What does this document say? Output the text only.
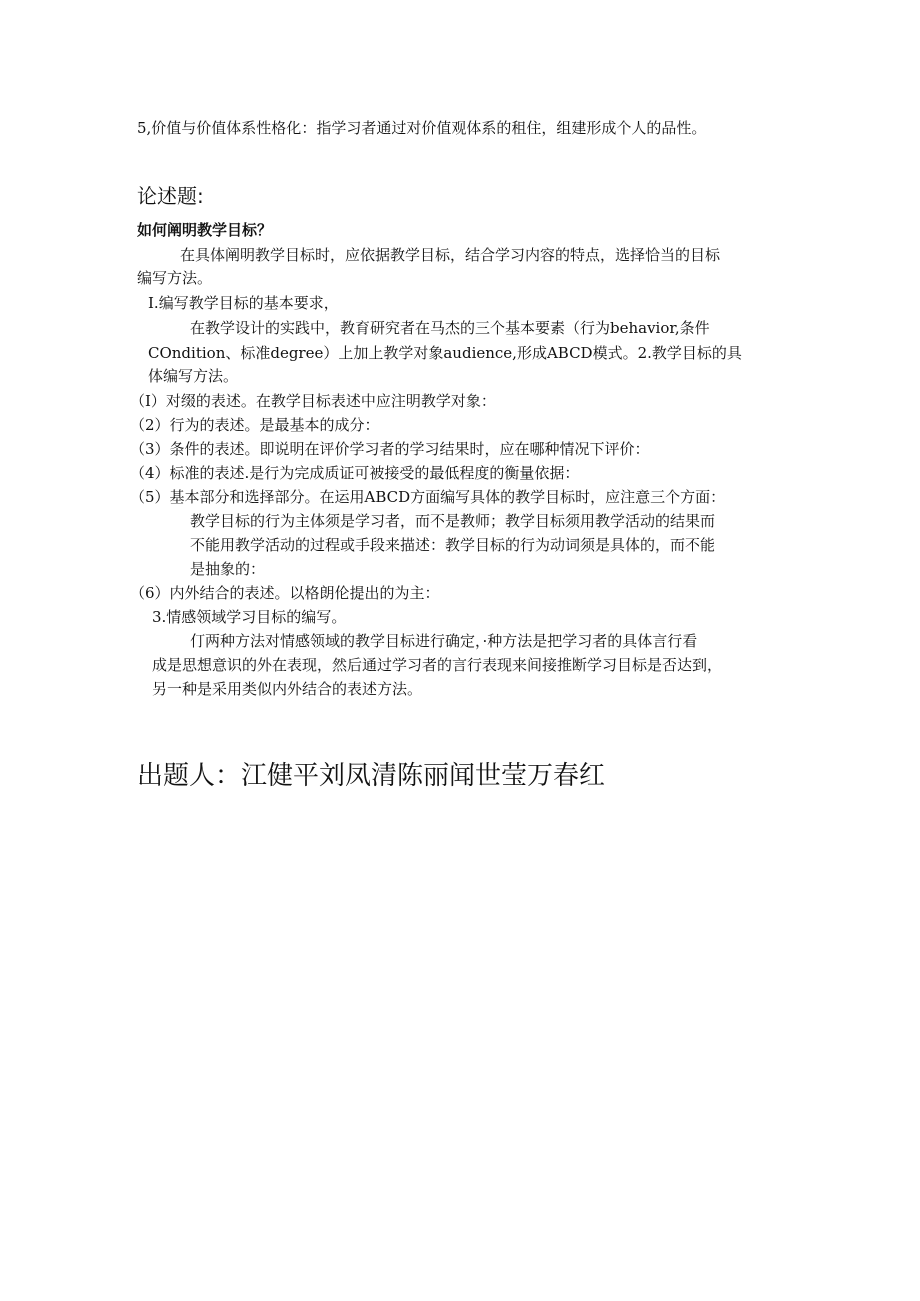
5,价值与价值体系性格化：指学习者通过对价值观体系的租住，组建形成个人的品性。
论述题:
如何阐明教学目标？
在具体阐明教学目标时，应依据教学目标，结合学习内容的特点，选择恰当的目标
编写方法。
I.编写教学目标的基本要求，
在教学设计的实践中，教育研究者在马杰的三个基本要素（行为behavior,条件
COndition、标准degree）上加上教学对象audience,形成ABCD模式。2.教学目标的具
体编写方法。
（I）对缀的表述。在教学目标表述中应注明教学对象：
（2）行为的表述。是最基本的成分：
（3）条件的表述。即说明在评价学习者的学习结果时，应在哪种情况下评价：
（4）标准的表述.是行为完成质证可被接受的最低程度的衡量依据：
（5）基本部分和选择部分。在运用ABCD方面编写具体的教学目标时，应注意三个方面：
教学目标的行为主体须是学习者，而不是教师；教学目标须用教学活动的结果而
不能用教学活动的过程或手段来描述：教学目标的行为动词须是具体的，而不能
是抽象的：
（6）内外结合的表述。以格朗伦提出的为主：
3.情感领域学习目标的编写。
仃两种方法对情感领域的教学目标进行确定，·种方法是把学习者的具体言行看
成是思想意识的外在表现，然后通过学习者的言行表现来间接推断学习目标是否达到，
另一种是采用类似内外结合的表述方法。
出题人：江健平刘凤清陈丽闻世莹万春红
